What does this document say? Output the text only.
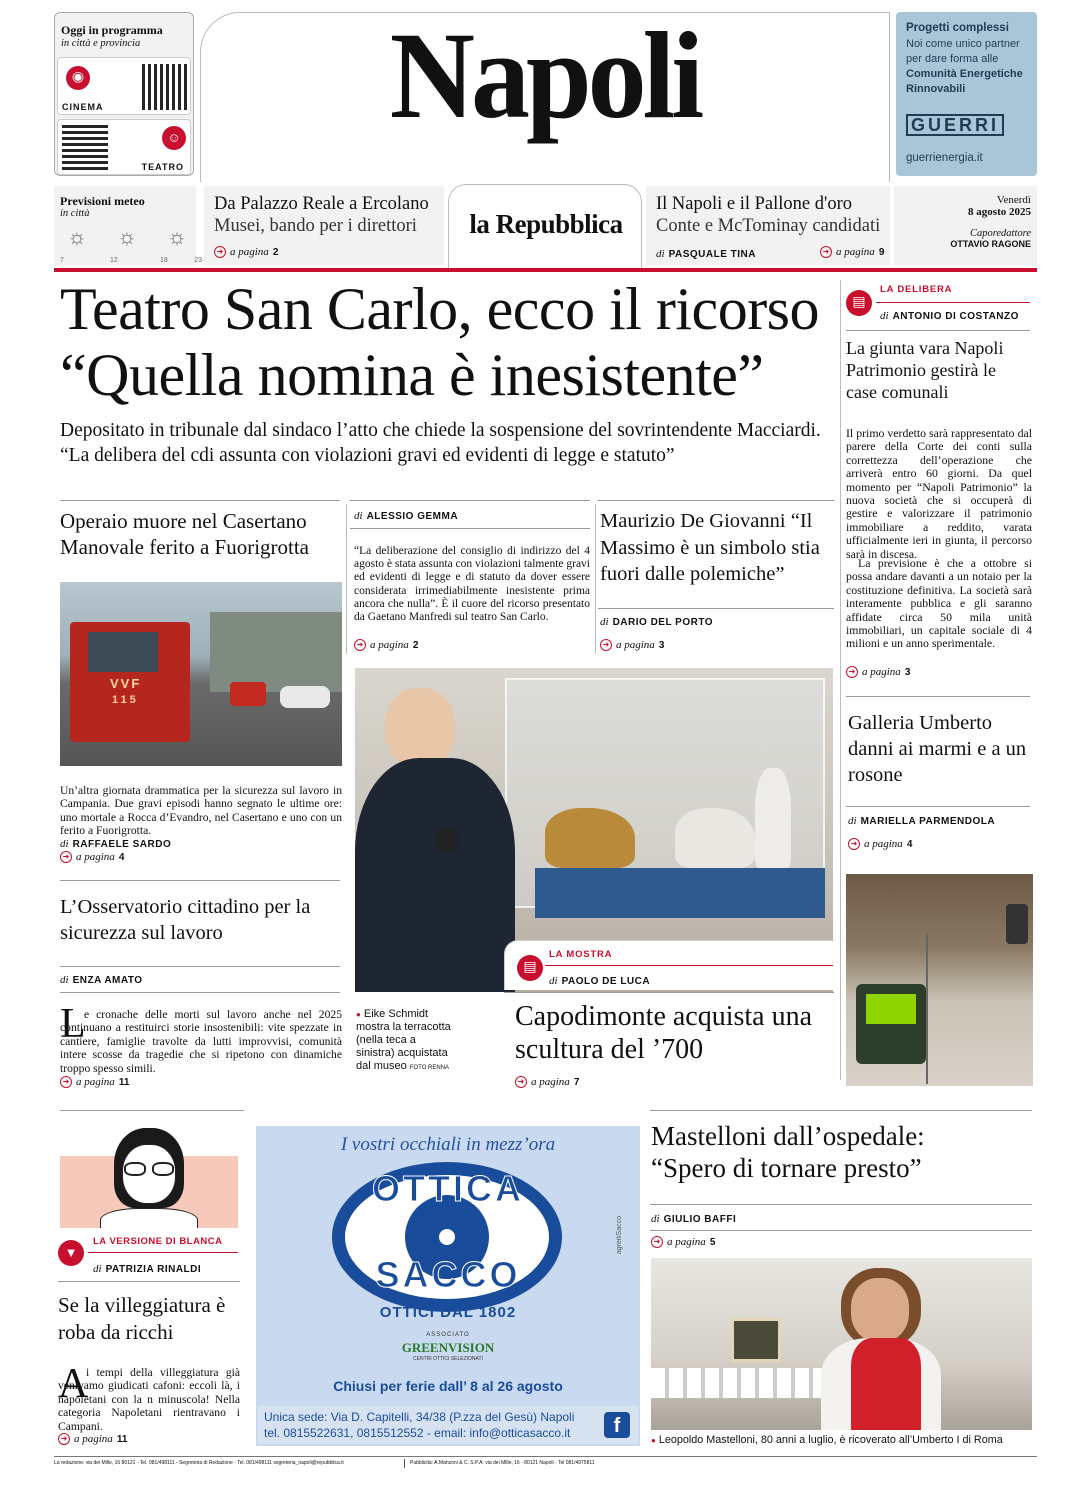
Oggi in programma
in città e provincia
◉
CINEMA
☺
TEATRO
Napoli	Progetti complessi
Noi come unico partner per dare forma alle
Comunità Energetiche Rinnovabili
GUERRI
guerrienergia.it
Previsioni meteo
in città
☼
7
☼
12
☼
18	23
Da Palazzo Reale a Ercolano
Musei, bando per i direttori
➜ a pagina 2
la Repubblica
Il Napoli e il Pallone d'oro
Conte e McTominay candidati
di PASQUALE TINA	➜ a pagina 9
Venerdì
8 agosto 2025
Caporedattore
OTTAVIO RAGONE
Teatro San Carlo, ecco il ricorso
“Quella nomina è inesistente”
Depositato in tribunale dal sindaco l’atto che chiede la sospensione del sovrintendente Macciardi. “La delibera del cdi assunta con violazioni gravi ed evidenti di legge e statuto”
▤
LA DELIBERA
di ANTONIO DI COSTANZO
La giunta vara Napoli Patrimonio gestirà le case comunali
Il primo verdetto sarà rappresentato dal parere della Corte dei conti sulla correttezza dell’operazione che arriverà entro 60 giorni. Da quel momento per “Napoli Patrimonio” la nuova società che si occuperà di gestire e valorizzare il patrimonio immobiliare a reddito, varata ufficialmente ieri in giunta, il percorso sarà in discesa.
La previsione è che a ottobre si possa andare davanti a un notaio per la costituzione definitiva. La società sarà interamente pubblica e gli saranno affidate circa 50 mila unità immobiliari, un capitale sociale di 4 milioni e un anno sperimentale.
➜ a pagina 3
Operaio muore nel Casertano Manovale ferito a Fuorigrotta
VVF
115
Un’altra giornata drammatica per la sicurezza sul lavoro in Campania. Due gravi episodi hanno segnato le ultime ore: uno mortale a Rocca d’Evandro, nel Casertano e uno con un ferito a Fuorigrotta.
di RAFFAELE SARDO
➜ a pagina 4
di ALESSIO GEMMA
“La deliberazione del consiglio di indirizzo del 4 agosto è stata assunta con violazioni talmente gravi ed evidenti di legge e di statuto da dover essere considerata irrimediabilmente inesistente prima ancora che nulla”. È il cuore del ricorso presentato da Gaetano Manfredi sul teatro San Carlo.
➜ a pagina 2
Maurizio De Giovanni “Il Massimo è un simbolo stia fuori dalle polemiche”
di DARIO DEL PORTO
➜ a pagina 3
● Eike Schmidt mostra la terracotta (nella teca a sinistra) acquistata dal museo FOTO RENNA
▤
LA MOSTRA
di PAOLO DE LUCA
Capodimonte acquista una scultura del ’700
➜ a pagina 7
Galleria Umberto danni ai marmi e a un rosone
di MARIELLA PARMENDOLA
➜ a pagina 4
L’Osservatorio cittadino per la sicurezza sul lavoro
di ENZA AMATO
L
e cronache delle morti sul lavoro anche nel 2025 continuano a restituirci storie insostenibili: vite spezzate in cantiere, famiglie travolte da lutti improvvisi, comunità intere scosse da tragedie che si ripetono con dinamiche troppo spesso simili.
➜ a pagina 11
▼
LA VERSIONE DI BLANCA
di PATRIZIA RINALDI
Se la villeggiatura è roba da ricchi
A
i tempi della villeggiatura già venivamo giudicati cafoni: eccoli là, i napoletani con la n minuscola! Nella categoria Napoletani rientravano i Campani.
➜ a pagina 11
I vostri occhiali in mezz’ora
OTTICA
SACCO
OTTICI DAL 1802
ASSOCIATO
GREENVISION
CENTRI OTTICI SELEZIONATI
Chiusi per ferie dall’ 8 al 26 agosto
Unica sede: Via D. Capitelli, 34/38 (P.zza del Gesù) Napoli
tel. 0815522631, 0815512552 - email: info@otticasacco.it	f
agreiliSacco
Mastelloni dall’ospedale:
“Spero di tornare presto”
di GIULIO BAFFI
➜ a pagina 5
● Leopoldo Mastelloni, 80 anni a luglio, è ricoverato all’Umberto I di Roma
La redazione: via dei Mille, 16 80121 - Tel. 081/498111 - Segreteria di Redazione - Tel. 081/498111 segreteria_napoli@repubblica.it	Pubblicità: A.Manzoni & C. S.P.A. via dei Mille, 16 - 80121 Napoli - Tel 081/4975811
